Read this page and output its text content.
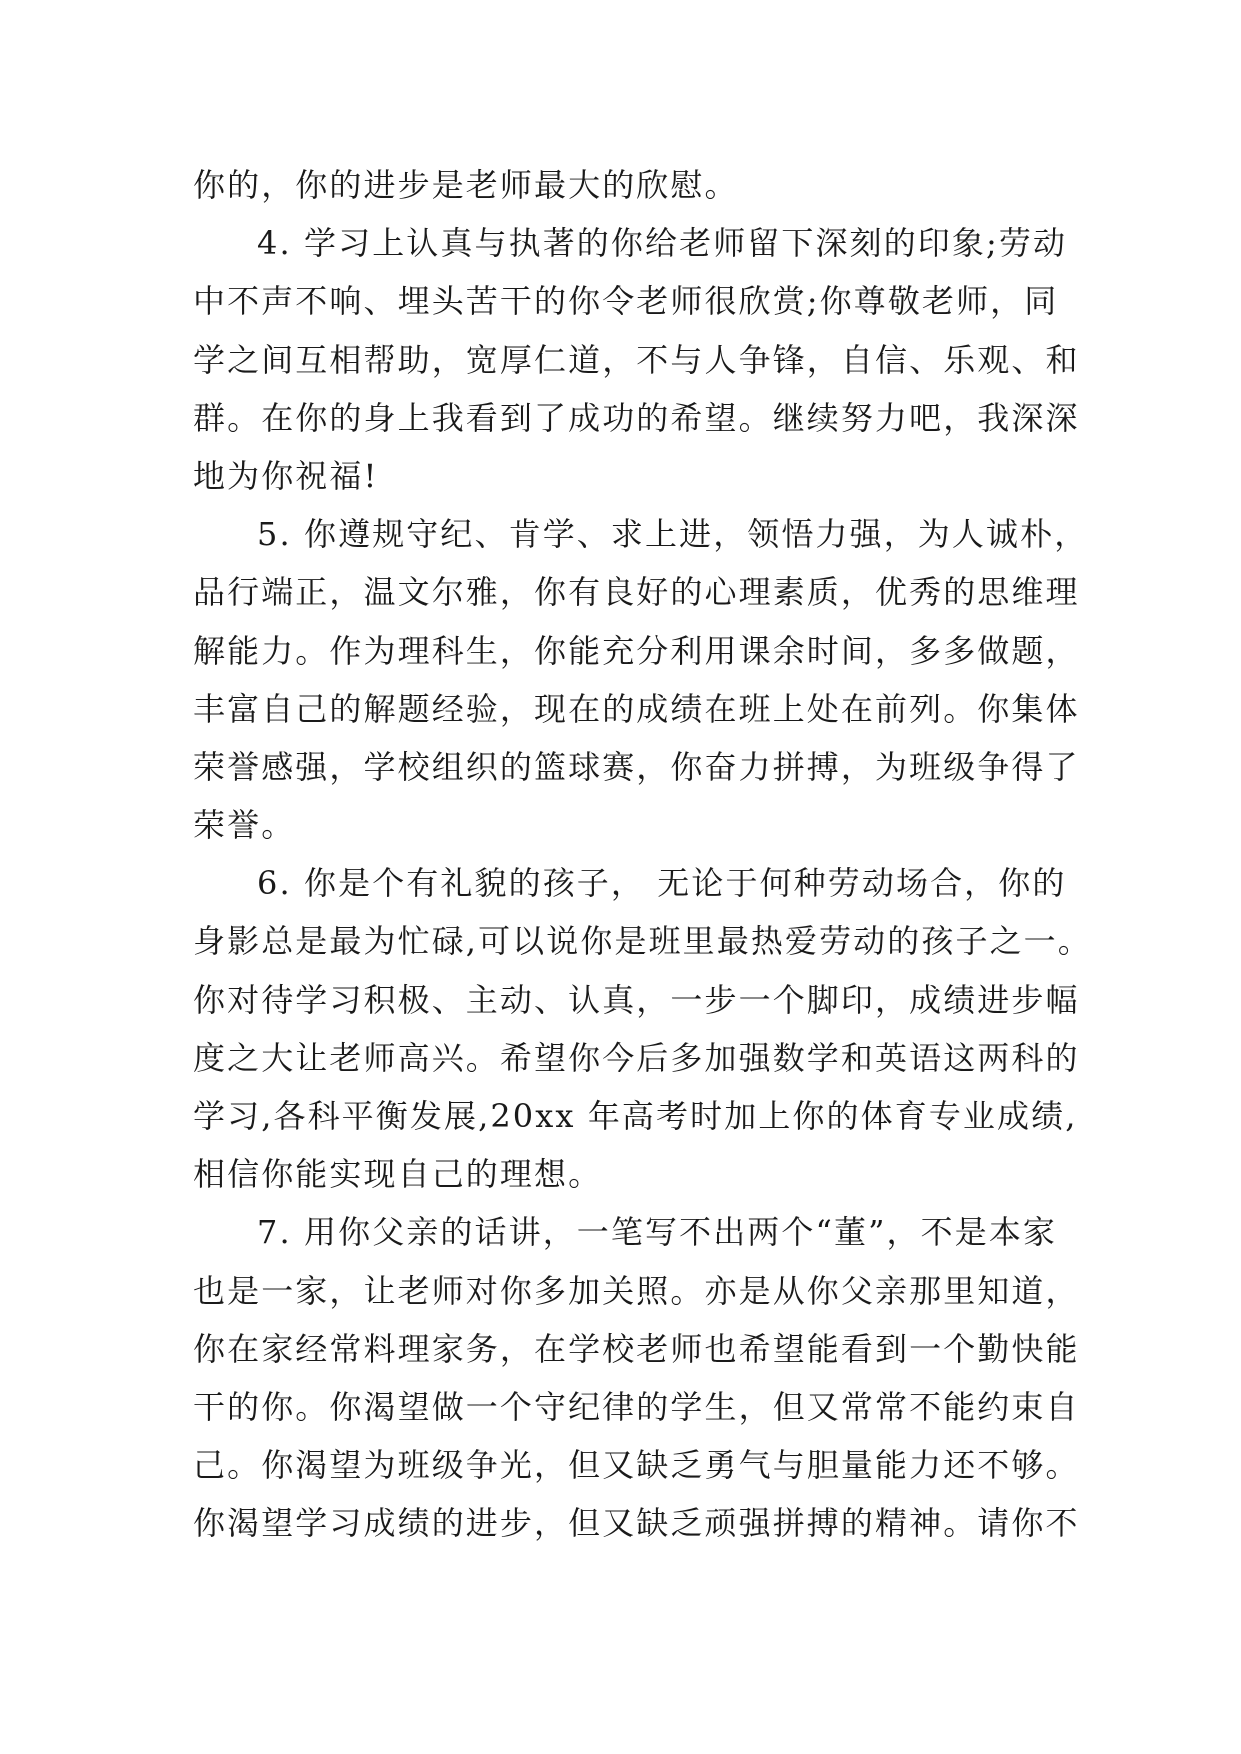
你的，你的进步是老师最大的欣慰。
4. 学习上认真与执著的你给老师留下深刻的印象;劳动
中不声不响、埋头苦干的你令老师很欣赏;你尊敬老师，同
学之间互相帮助，宽厚仁道，不与人争锋，自信、乐观、和
群。在你的身上我看到了成功的希望。继续努力吧，我深深
地为你祝福!
5. 你遵规守纪、肯学、求上进，领悟力强，为人诚朴，
品行端正，温文尔雅，你有良好的心理素质，优秀的思维理
解能力。作为理科生，你能充分利用课余时间，多多做题，
丰富自己的解题经验，现在的成绩在班上处在前列。你集体
荣誉感强，学校组织的篮球赛，你奋力拼搏，为班级争得了
荣誉。
6. 你是个有礼貌的孩子， 无论于何种劳动场合，你的
身影总是最为忙碌,可以说你是班里最热爱劳动的孩子之一。
你对待学习积极、主动、认真，一步一个脚印，成绩进步幅
度之大让老师高兴。希望你今后多加强数学和英语这两科的
学习,各科平衡发展,20xx 年高考时加上你的体育专业成绩,
相信你能实现自己的理想。
7. 用你父亲的话讲，一笔写不出两个“董”，不是本家
也是一家，让老师对你多加关照。亦是从你父亲那里知道，
你在家经常料理家务，在学校老师也希望能看到一个勤快能
干的你。你渴望做一个守纪律的学生，但又常常不能约束自
己。你渴望为班级争光，但又缺乏勇气与胆量能力还不够。
你渴望学习成绩的进步，但又缺乏顽强拼搏的精神。请你不
